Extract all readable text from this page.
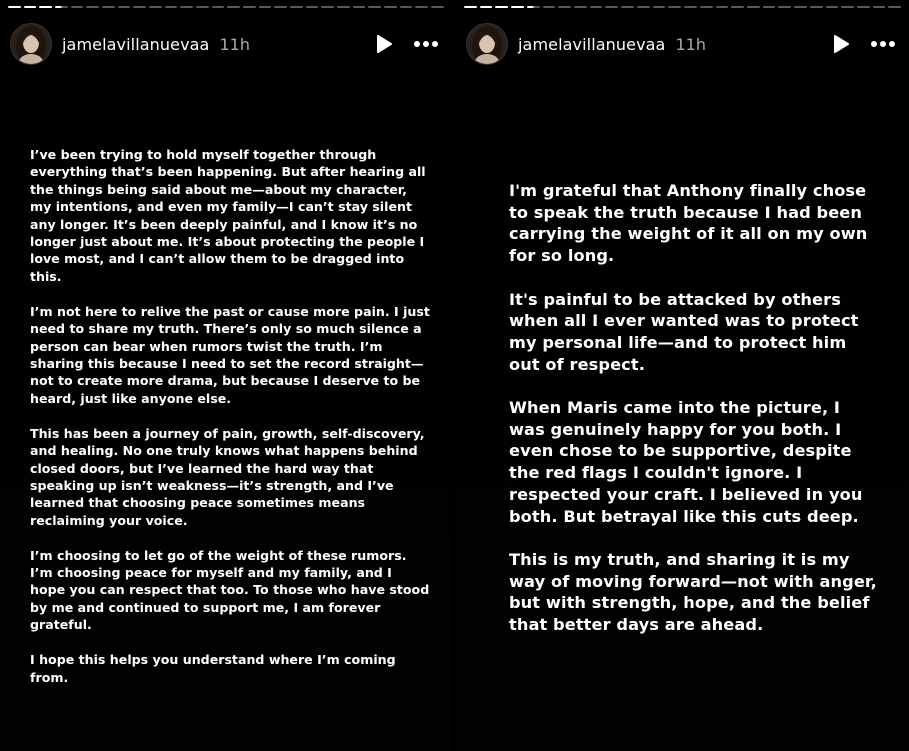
jamelavillanuevaa 11h

I’ve been trying to hold myself together through everything that’s been happening. But after hearing all the things being said about me—about my character, my intentions, and even my family—I can’t stay silent any longer. It’s been deeply painful, and I know it’s no longer just about me. It’s about protecting the people I love most, and I can’t allow them to be dragged into this.

I’m not here to relive the past or cause more pain. I just need to share my truth. There’s only so much silence a person can bear when rumors twist the truth. I’m sharing this because I need to set the record straight—not to create more drama, but because I deserve to be heard, just like anyone else.

This has been a journey of pain, growth, self-discovery, and healing. No one truly knows what happens behind closed doors, but I’ve learned the hard way that speaking up isn’t weakness—it’s strength, and I’ve learned that choosing peace sometimes means reclaiming your voice.

I’m choosing to let go of the weight of these rumors. I’m choosing peace for myself and my family, and I hope you can respect that too. To those who have stood by me and continued to support me, I am forever grateful.

I hope this helps you understand where I’m coming from.

jamelavillanuevaa 11h

I'm grateful that Anthony finally chose to speak the truth because I had been carrying the weight of it all on my own for so long.

It's painful to be attacked by others when all I ever wanted was to protect my personal life—and to protect him out of respect.

When Maris came into the picture, I was genuinely happy for you both. I even chose to be supportive, despite the red flags I couldn't ignore. I respected your craft. I believed in you both. But betrayal like this cuts deep.

This is my truth, and sharing it is my way of moving forward—not with anger, but with strength, hope, and the belief that better days are ahead.
